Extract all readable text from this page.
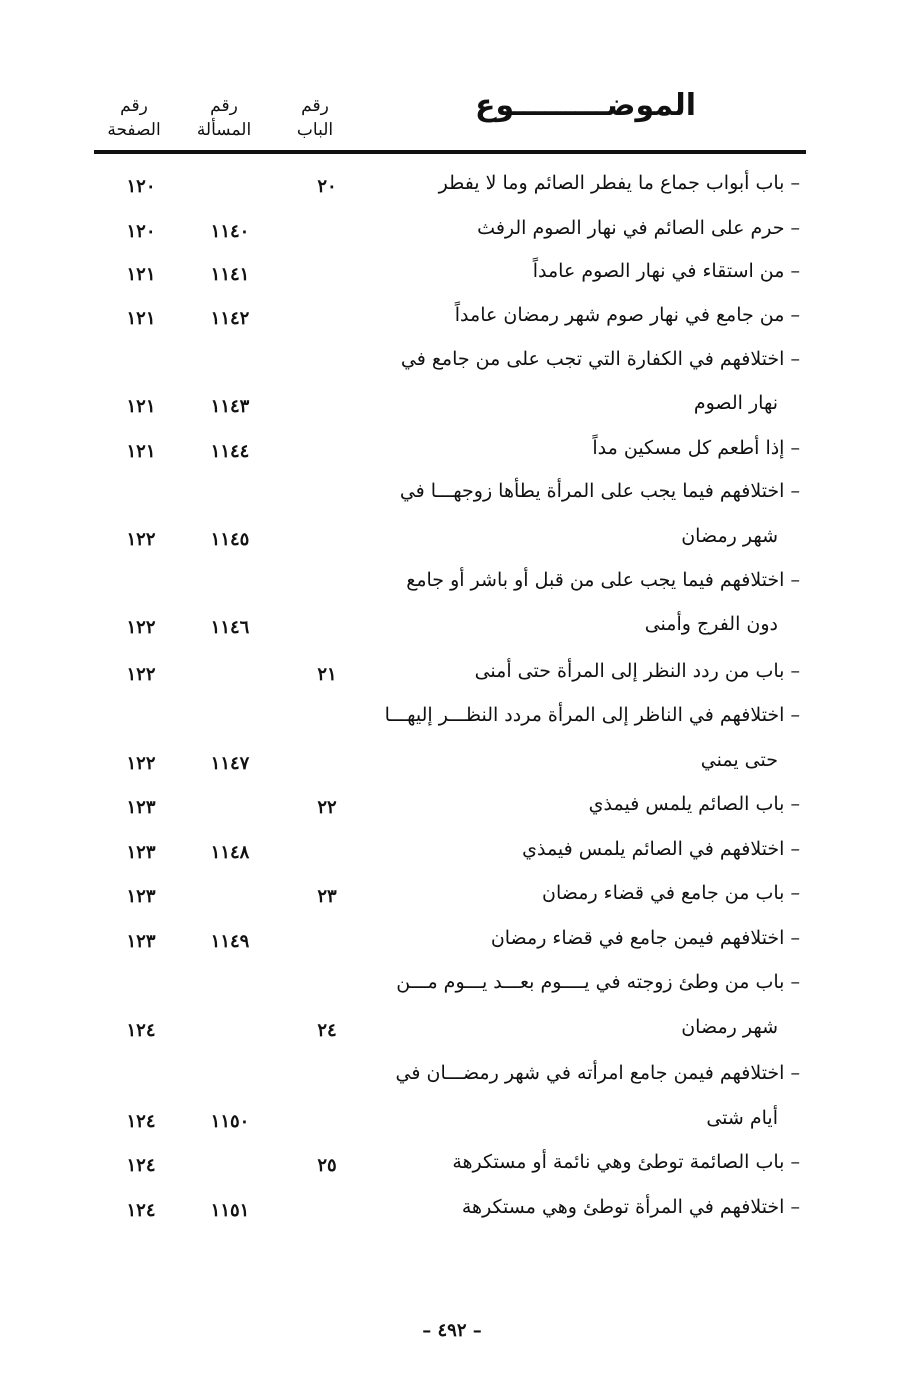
الموضـــــــــوع
رقم
الباب
رقم
المسألة
رقم
الصفحة
– باب أبواب جماع ما يفطر الصائم وما لا يفطر
٢٠
١٢٠
– حرم على الصائم في نهار الصوم الرفث
١١٤٠
١٢٠
– من استقاء في نهار الصوم عامداً
١١٤١
١٢١
– من جامع في نهار صوم شهر رمضان عامداً
١١٤٢
١٢١
– اختلافهم في الكفارة التي تجب على من جامع في
نهار الصوم
١١٤٣
١٢١
– إذا أطعم كل مسكين مداً
١١٤٤
١٢١
– اختلافهم فيما يجب على المرأة يطأها زوجهـــا في
شهر رمضان
١١٤٥
١٢٢
– اختلافهم فيما يجب على من قبل أو باشر أو جامع
دون الفرج وأمنى
١١٤٦
١٢٢
– باب من ردد النظر إلى المرأة حتى أمنى
٢١
١٢٢
– اختلافهم في الناظر إلى المرأة مردد النظـــر إليهـــا
حتى يمني
١١٤٧
١٢٢
– باب الصائم يلمس فيمذي
٢٢
١٢٣
– اختلافهم في الصائم يلمس فيمذي
١١٤٨
١٢٣
– باب من جامع في قضاء رمضان
٢٣
١٢٣
– اختلافهم فيمن جامع في قضاء رمضان
١١٤٩
١٢٣
– باب من وطئ زوجته في يــــوم بعـــد يـــوم مـــن
شهر رمضان
٢٤
١٢٤
– اختلافهم فيمن جامع امرأته في شهر رمضـــان في
أيام شتى
١١٥٠
١٢٤
– باب الصائمة توطئ وهي نائمة أو مستكرهة
٢٥
١٢٤
– اختلافهم في المرأة توطئ وهي مستكرهة
١١٥١
١٢٤
– ٤٩٢ –
